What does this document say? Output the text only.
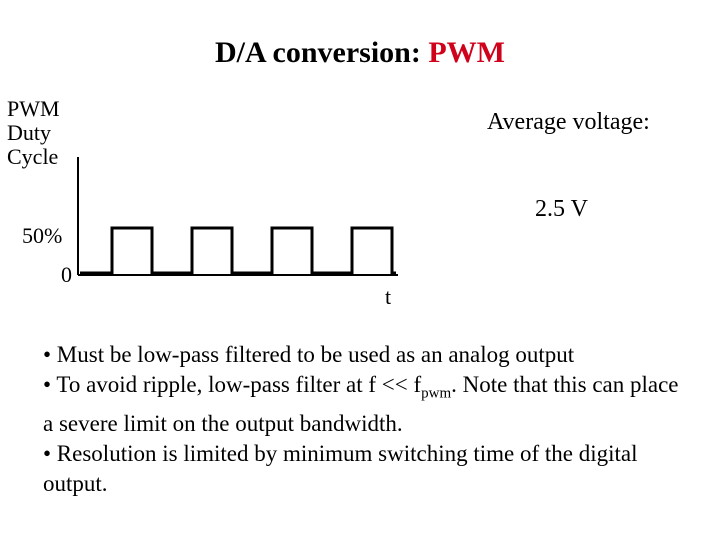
D/A conversion: PWM
PWM
Duty
Cycle
50%
0
t
Average voltage:
2.5 V

• Must be low-pass filtered to be used as an analog output

• To avoid ripple, low-pass filter at $f << f_{pwm}$. Note that this can place a severe limit on the output bandwidth.

• Resolution is limited by minimum switching time of the digital output.
